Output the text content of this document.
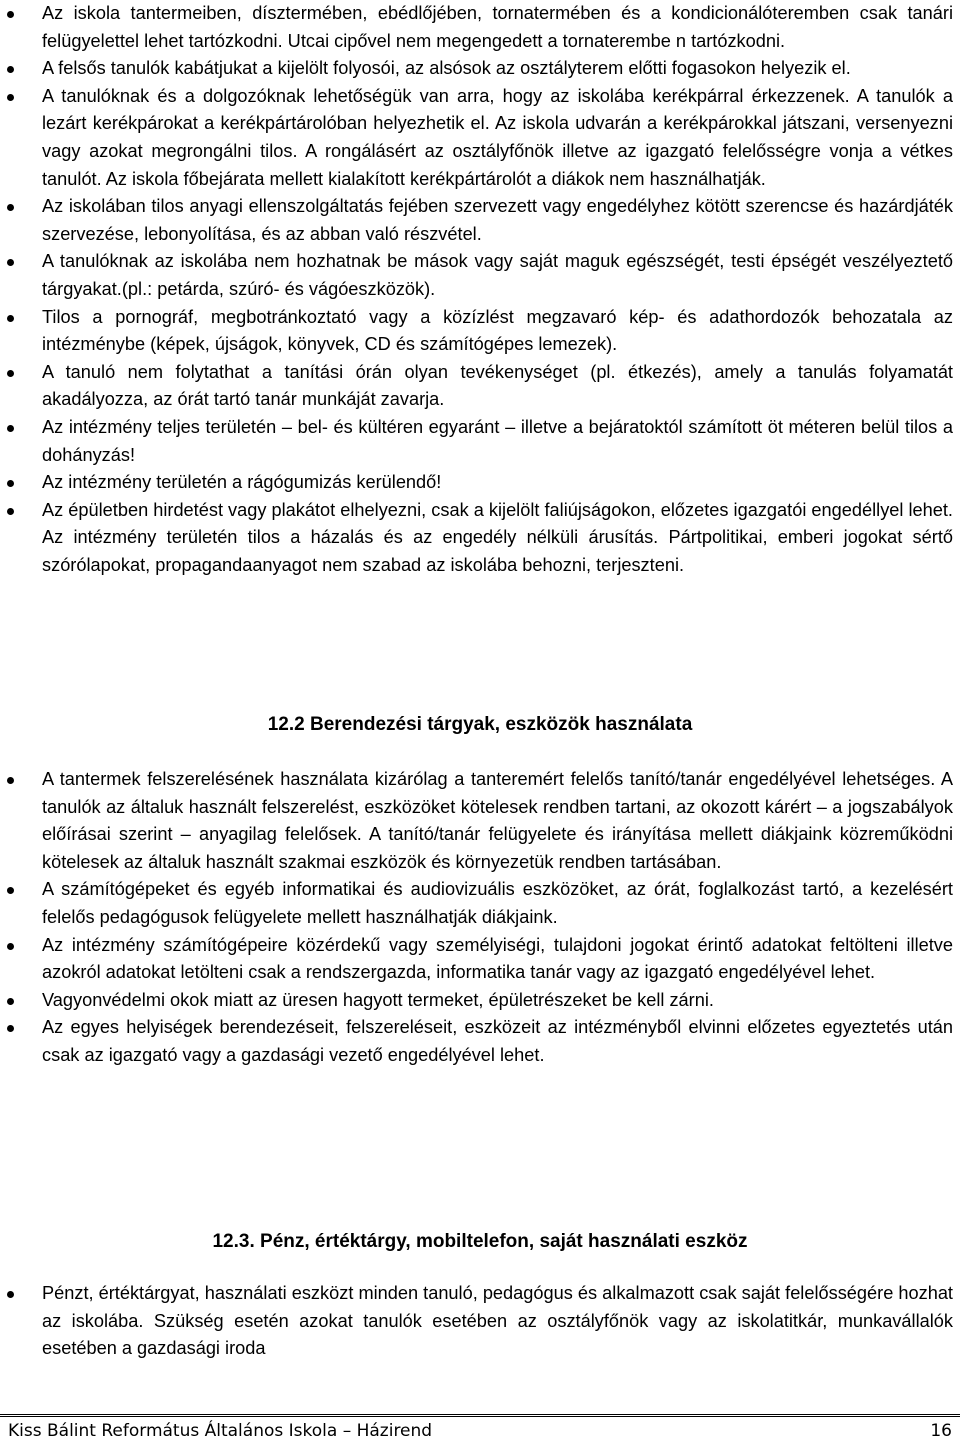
Az iskola tantermeiben, dísztermében, ebédlőjében, tornatermében és a kondicionálóteremben csak tanári felügyelettel lehet tartózkodni. Utcai cipővel nem megengedett a tornaterembe n tartózkodni.
A felsős tanulók kabátjukat a kijelölt folyosói, az alsósok az osztályterem előtti fogasokon helyezik el.
A tanulóknak és a dolgozóknak lehetőségük van arra, hogy az iskolába kerékpárral érkezzenek. A tanulók a lezárt kerékpárokat a kerékpártárolóban helyezhetik el. Az iskola udvarán a kerékpárokkal játszani, versenyezni vagy azokat megrongálni tilos. A rongálásért az osztályfőnök illetve az igazgató felelősségre vonja a vétkes tanulót. Az iskola főbejárata mellett kialakított kerékpártárolót a diákok nem használhatják.
Az iskolában tilos anyagi ellenszolgáltatás fejében szervezett vagy engedélyhez kötött szerencse és hazárdjáték szervezése, lebonyolítása, és az abban való részvétel.
A tanulóknak az iskolába nem hozhatnak be mások vagy saját maguk egészségét, testi épségét veszélyeztető tárgyakat.(pl.: petárda, szúró- és vágóeszközök).
Tilos a pornográf, megbotránkoztató vagy a közízlést megzavaró kép- és adathordozók behozatala az intézménybe (képek, újságok, könyvek, CD és számítógépes lemezek).
A tanuló nem folytathat a tanítási órán olyan tevékenységet (pl. étkezés), amely a tanulás folyamatát akadályozza, az órát tartó tanár munkáját zavarja.
Az intézmény teljes területén – bel- és kültéren egyaránt – illetve a bejáratoktól számított öt méteren belül tilos a dohányzás!
Az intézmény területén a rágógumizás kerülendő!
Az épületben hirdetést vagy plakátot elhelyezni, csak a kijelölt faliújságokon, előzetes igazgatói engedéllyel lehet. Az intézmény területén tilos a házalás és az engedély nélküli árusítás. Pártpolitikai, emberi jogokat sértő szórólapokat, propagandaanyagot nem szabad az iskolába behozni, terjeszteni.
12.2 Berendezési tárgyak, eszközök használata
A tantermek felszerelésének használata kizárólag a tanteremért felelős tanító/tanár engedélyével lehetséges. A tanulók az általuk használt felszerelést, eszközöket kötelesek rendben tartani, az okozott kárért – a jogszabályok előírásai szerint – anyagilag felelősek. A tanító/tanár felügyelete és irányítása mellett diákjaink közreműködni kötelesek az általuk használt szakmai eszközök és környezetük rendben tartásában.
A számítógépeket és egyéb informatikai és audiovizuális eszközöket, az órát, foglalkozást tartó, a kezelésért felelős pedagógusok felügyelete mellett használhatják diákjaink.
Az intézmény számítógépeire közérdekű vagy személyiségi, tulajdoni jogokat érintő adatokat feltölteni illetve azokról adatokat letölteni csak a rendszergazda, informatika tanár vagy az igazgató engedélyével lehet.
Vagyonvédelmi okok miatt az üresen hagyott termeket, épületrészeket be kell zárni.
Az egyes helyiségek berendezéseit, felszereléseit, eszközeit az intézményből elvinni előzetes egyeztetés után csak az igazgató vagy a gazdasági vezető engedélyével lehet.
12.3. Pénz, értéktárgy, mobiltelefon, saját használati eszköz
Pénzt, értéktárgyat, használati eszközt minden tanuló, pedagógus és alkalmazott csak saját felelősségére hozhat az iskolába. Szükség esetén azokat tanulók esetében az osztályfőnök vagy az iskolatitkár, munkavállalók esetében a gazdasági iroda
Kiss Bálint Református Általános Iskola – Házirend	16
